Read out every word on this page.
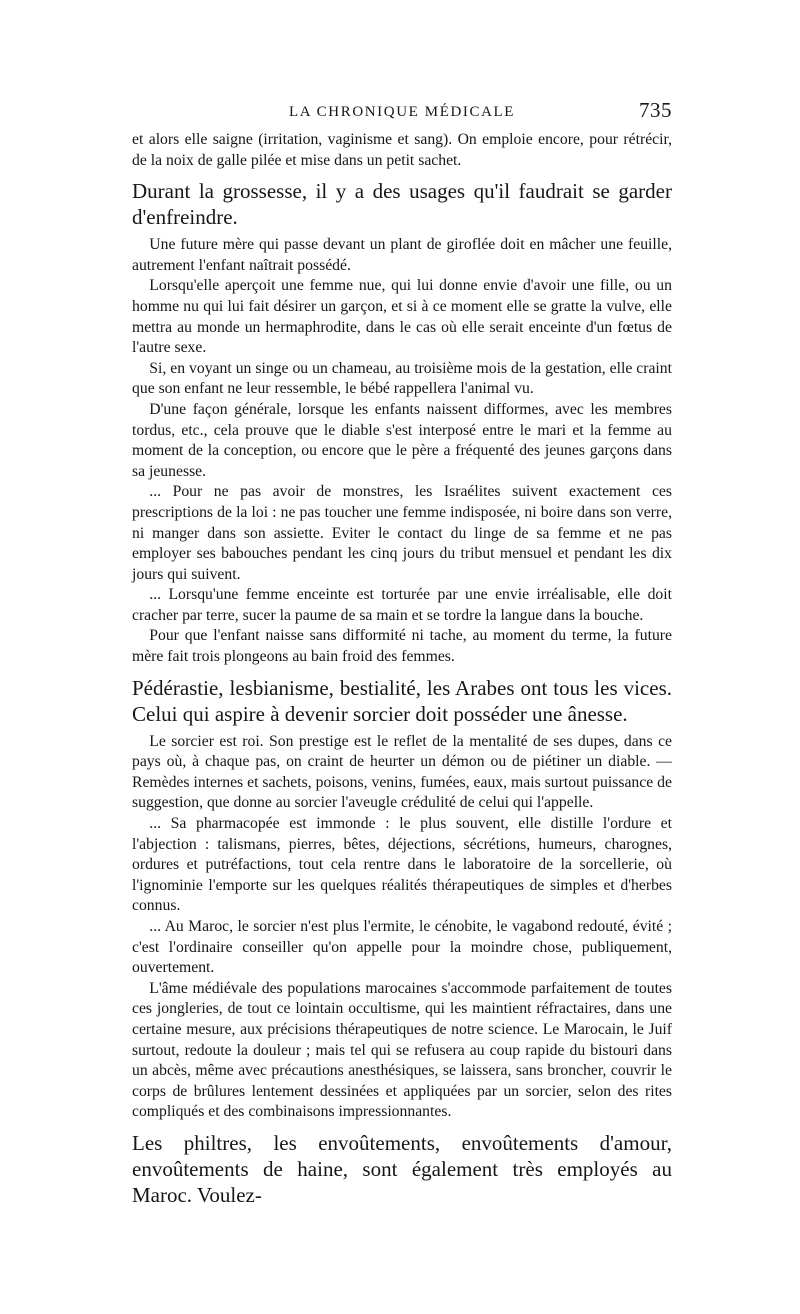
LA CHRONIQUE MÉDICALE	735

et alors elle saigne (irritation, vaginisme et sang). On emploie encore, pour rétrécir, de la noix de galle pilée et mise dans un petit sachet.

Durant la grossesse, il y a des usages qu'il faudrait se garder d'enfreindre.

Une future mère qui passe devant un plant de giroflée doit en mâcher une feuille, autrement l'enfant naîtrait possédé.

Lorsqu'elle aperçoit une femme nue, qui lui donne envie d'avoir une fille, ou un homme nu qui lui fait désirer un garçon, et si à ce moment elle se gratte la vulve, elle mettra au monde un hermaphrodite, dans le cas où elle serait enceinte d'un fœtus de l'autre sexe.

Si, en voyant un singe ou un chameau, au troisième mois de la gestation, elle craint que son enfant ne leur ressemble, le bébé rappellera l'animal vu.

D'une façon générale, lorsque les enfants naissent difformes, avec les membres tordus, etc., cela prouve que le diable s'est interposé entre le mari et la femme au moment de la conception, ou encore que le père a fréquenté des jeunes garçons dans sa jeunesse.

... Pour ne pas avoir de monstres, les Israélites suivent exactement ces prescriptions de la loi : ne pas toucher une femme indisposée, ni boire dans son verre, ni manger dans son assiette. Eviter le contact du linge de sa femme et ne pas employer ses babouches pendant les cinq jours du tribut mensuel et pendant les dix jours qui suivent.

... Lorsqu'une femme enceinte est torturée par une envie irréalisable, elle doit cracher par terre, sucer la paume de sa main et se tordre la langue dans la bouche.

Pour que l'enfant naisse sans difformité ni tache, au moment du terme, la future mère fait trois plongeons au bain froid des femmes.

Pédérastie, lesbianisme, bestialité, les Arabes ont tous les vices. Celui qui aspire à devenir sorcier doit posséder une ânesse.

Le sorcier est roi. Son prestige est le reflet de la mentalité de ses dupes, dans ce pays où, à chaque pas, on craint de heurter un démon ou de piétiner un diable. — Remèdes internes et sachets, poisons, venins, fumées, eaux, mais surtout puissance de suggestion, que donne au sorcier l'aveugle crédulité de celui qui l'appelle.

... Sa pharmacopée est immonde : le plus souvent, elle distille l'ordure et l'abjection : talismans, pierres, bêtes, déjections, sécrétions, humeurs, charognes, ordures et putréfactions, tout cela rentre dans le laboratoire de la sorcellerie, où l'ignominie l'emporte sur les quelques réalités thérapeutiques de simples et d'herbes connus.

... Au Maroc, le sorcier n'est plus l'ermite, le cénobite, le vagabond redouté, évité ; c'est l'ordinaire conseiller qu'on appelle pour la moindre chose, publiquement, ouvertement.

L'âme médiévale des populations marocaines s'accommode parfaitement de toutes ces jongleries, de tout ce lointain occultisme, qui les maintient réfractaires, dans une certaine mesure, aux précisions thérapeutiques de notre science. Le Marocain, le Juif surtout, redoute la douleur ; mais tel qui se refusera au coup rapide du bistouri dans un abcès, même avec précautions anesthésiques, se laissera, sans broncher, couvrir le corps de brûlures lentement dessinées et appliquées par un sorcier, selon des rites compliqués et des combinaisons impressionnantes.

Les philtres, les envoûtements, envoûtements d'amour, envoûtements de haine, sont également très employés au Maroc. Voulez-
